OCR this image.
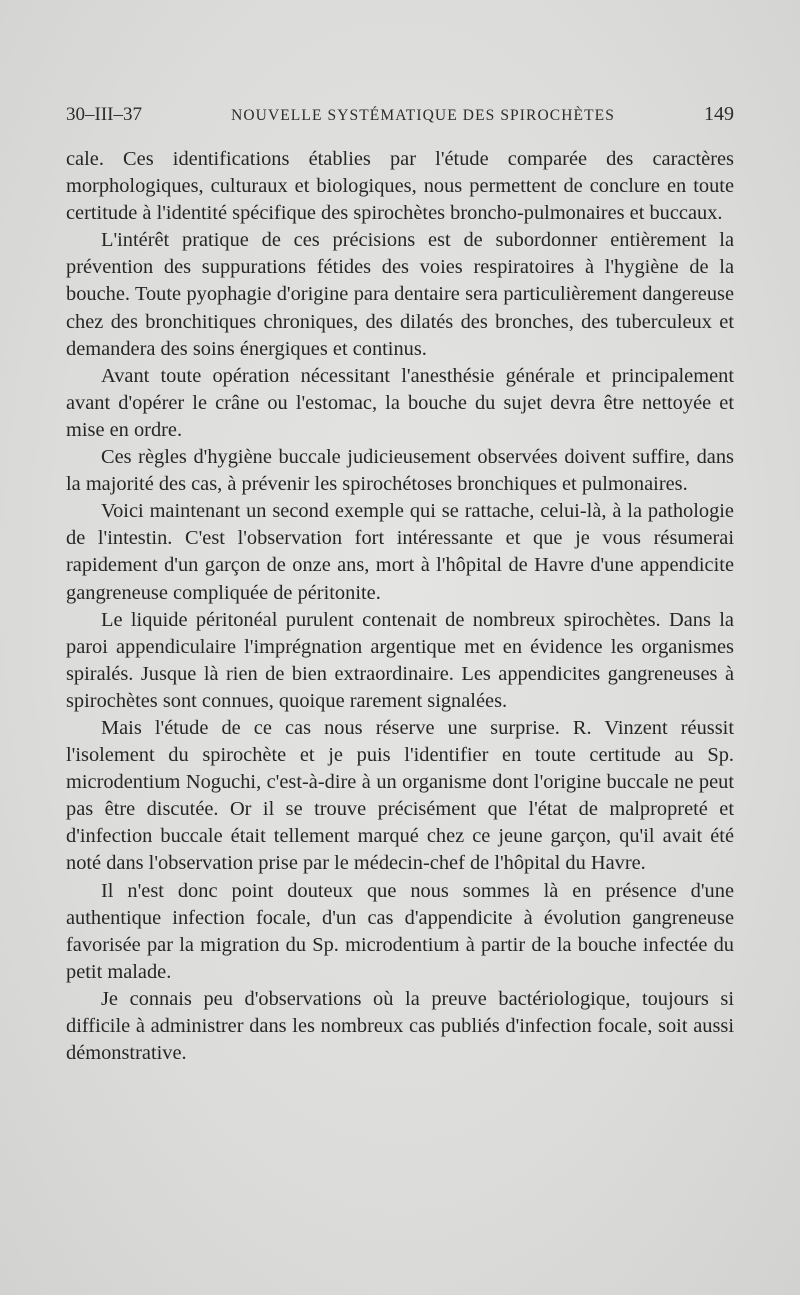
30–III–37	NOUVELLE SYSTÉMATIQUE DES SPIROCHÈTES	149

cale. Ces identifications établies par l'étude comparée des caractères morphologiques, culturaux et biologiques, nous permettent de conclure en toute certitude à l'identité spécifique des spirochètes broncho-pulmonaires et buccaux.

L'intérêt pratique de ces précisions est de subordonner entièrement la prévention des suppurations fétides des voies respiratoires à l'hygiène de la bouche. Toute pyophagie d'origine para dentaire sera particulièrement dangereuse chez des bronchitiques chroniques, des dilatés des bronches, des tuberculeux et demandera des soins énergiques et continus.

Avant toute opération nécessitant l'anesthésie générale et principalement avant d'opérer le crâne ou l'estomac, la bouche du sujet devra être nettoyée et mise en ordre.

Ces règles d'hygiène buccale judicieusement observées doivent suffire, dans la majorité des cas, à prévenir les spirochétoses bronchiques et pulmonaires.

Voici maintenant un second exemple qui se rattache, celui-là, à la pathologie de l'intestin. C'est l'observation fort intéressante et que je vous résumerai rapidement d'un garçon de onze ans, mort à l'hôpital de Havre d'une appendicite gangreneuse compliquée de péritonite.

Le liquide péritonéal purulent contenait de nombreux spirochètes. Dans la paroi appendiculaire l'imprégnation argentique met en évidence les organismes spiralés. Jusque là rien de bien extraordinaire. Les appendicites gangreneuses à spirochètes sont connues, quoique rarement signalées.

Mais l'étude de ce cas nous réserve une surprise. R. Vinzent réussit l'isolement du spirochète et je puis l'identifier en toute certitude au Sp. microdentium Noguchi, c'est-à-dire à un organisme dont l'origine buccale ne peut pas être discutée. Or il se trouve précisément que l'état de malpropreté et d'infection buccale était tellement marqué chez ce jeune garçon, qu'il avait été noté dans l'observation prise par le médecin-chef de l'hôpital du Havre.

Il n'est donc point douteux que nous sommes là en présence d'une authentique infection focale, d'un cas d'appendicite à évolution gangreneuse favorisée par la migration du Sp. microdentium à partir de la bouche infectée du petit malade.

Je connais peu d'observations où la preuve bactériologique, toujours si difficile à administrer dans les nombreux cas publiés d'infection focale, soit aussi démonstrative.
